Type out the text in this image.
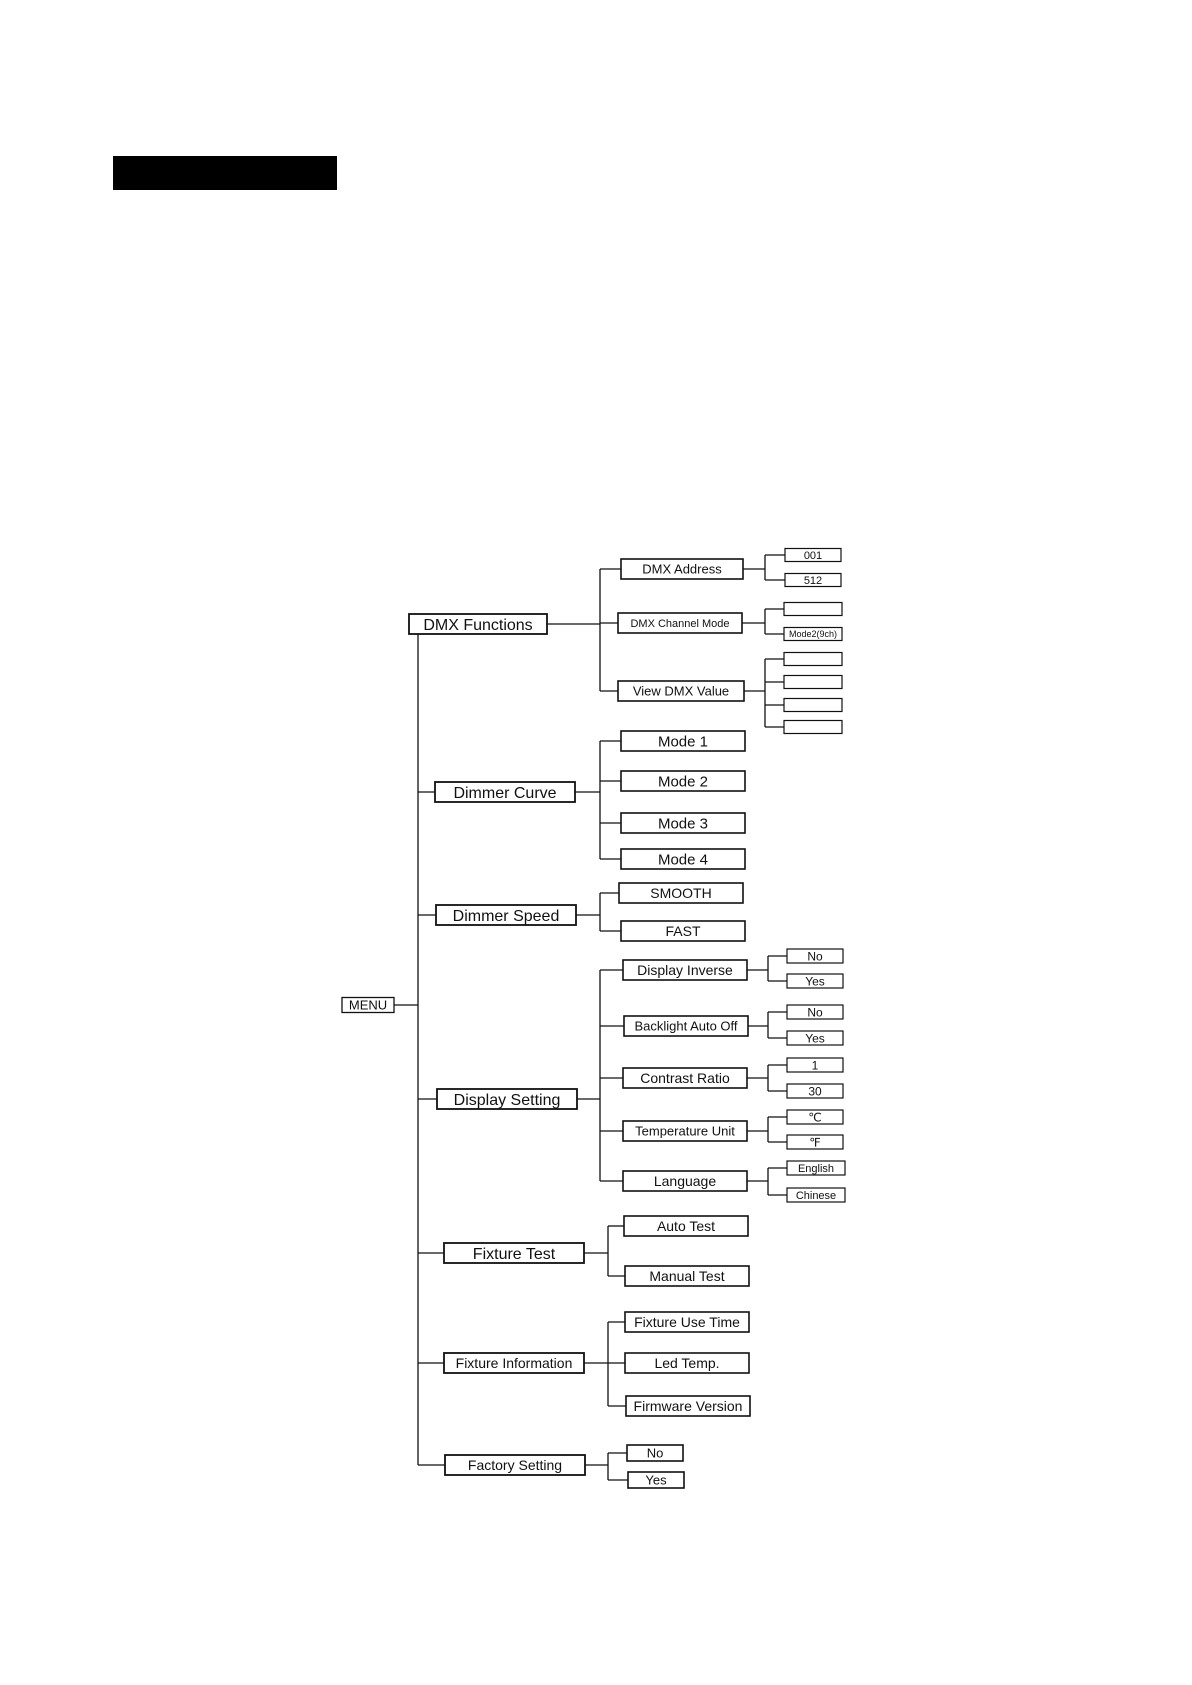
MENU
DMX Functions
DMX Address
001
512
DMX Channel Mode
Mode2(9ch)
View DMX Value
Dimmer Curve
Mode 1
Mode 2
Mode 3
Mode 4
Dimmer Speed
SMOOTH
FAST
Display Setting
Display Inverse
No
Yes
Backlight Auto Off
No
Yes
Contrast Ratio
1
30
Temperature Unit
℃
℉
Language
English
Chinese
Fixture Test
Auto Test
Manual Test
Fixture Information
Fixture Use Time
Led Temp.
Firmware Version
Factory Setting
No
Yes
